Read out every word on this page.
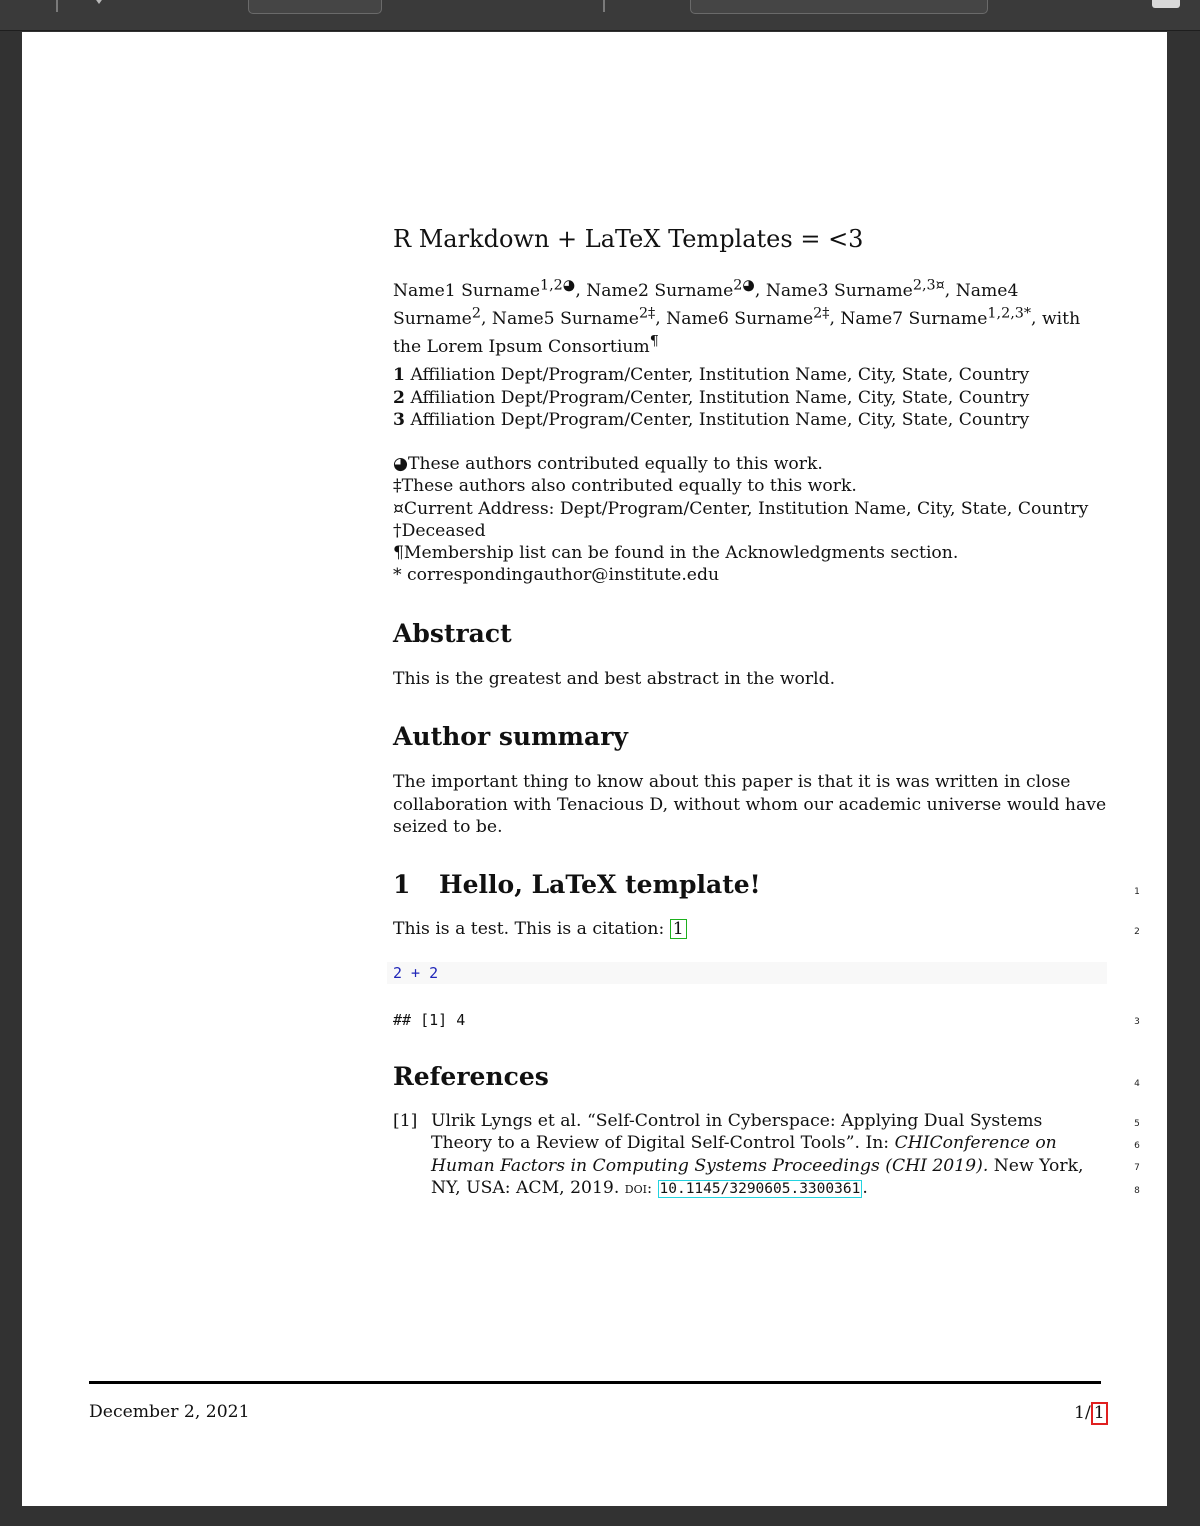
R Markdown + LaTeX Templates = <3
Name1 Surname$^{1,2◕}$, Name2 Surname$^{2◕}$, Name3 Surname$^{2,3¤}$, Name4 Surname$^2$, Name5 Surname$^{2\ddagger}$, Name6 Surname$^{2\ddagger}$, Name7 Surname$^{1,2,3*}$, with the Lorem Ipsum Consortium¶
1 Affiliation Dept/Program/Center, Institution Name, City, State, Country
2 Affiliation Dept/Program/Center, Institution Name, City, State, Country
3 Affiliation Dept/Program/Center, Institution Name, City, State, Country
◕These authors contributed equally to this work.
‡These authors also contributed equally to this work.
¤Current Address: Dept/Program/Center, Institution Name, City, State, Country
†Deceased
¶Membership list can be found in the Acknowledgments section.
* correspondingauthor@institute.edu
Abstract

This is the greatest and best abstract in the world.

Author summary

The important thing to know about this paper is that it is was written in close collaboration with Tenacious D, without whom our academic universe would have seized to be.

1 Hello, LaTeX template!

This is a test. This is a citation: 1

2 + 2
## [1] 4
References
[1] Ulrik Lyngs et al. “Self-Control in Cyberspace: Applying Dual Systems Theory to a Review of Digital Self-Control Tools”. In: CHIConference on Human Factors in Computing Systems Proceedings (CHI 2019). New York, NY, USA: ACM, 2019. doi: 10.1145/3290605.3300361 .
1
2
3
4
5
6
7
8
December 2, 2021	1/ 1
